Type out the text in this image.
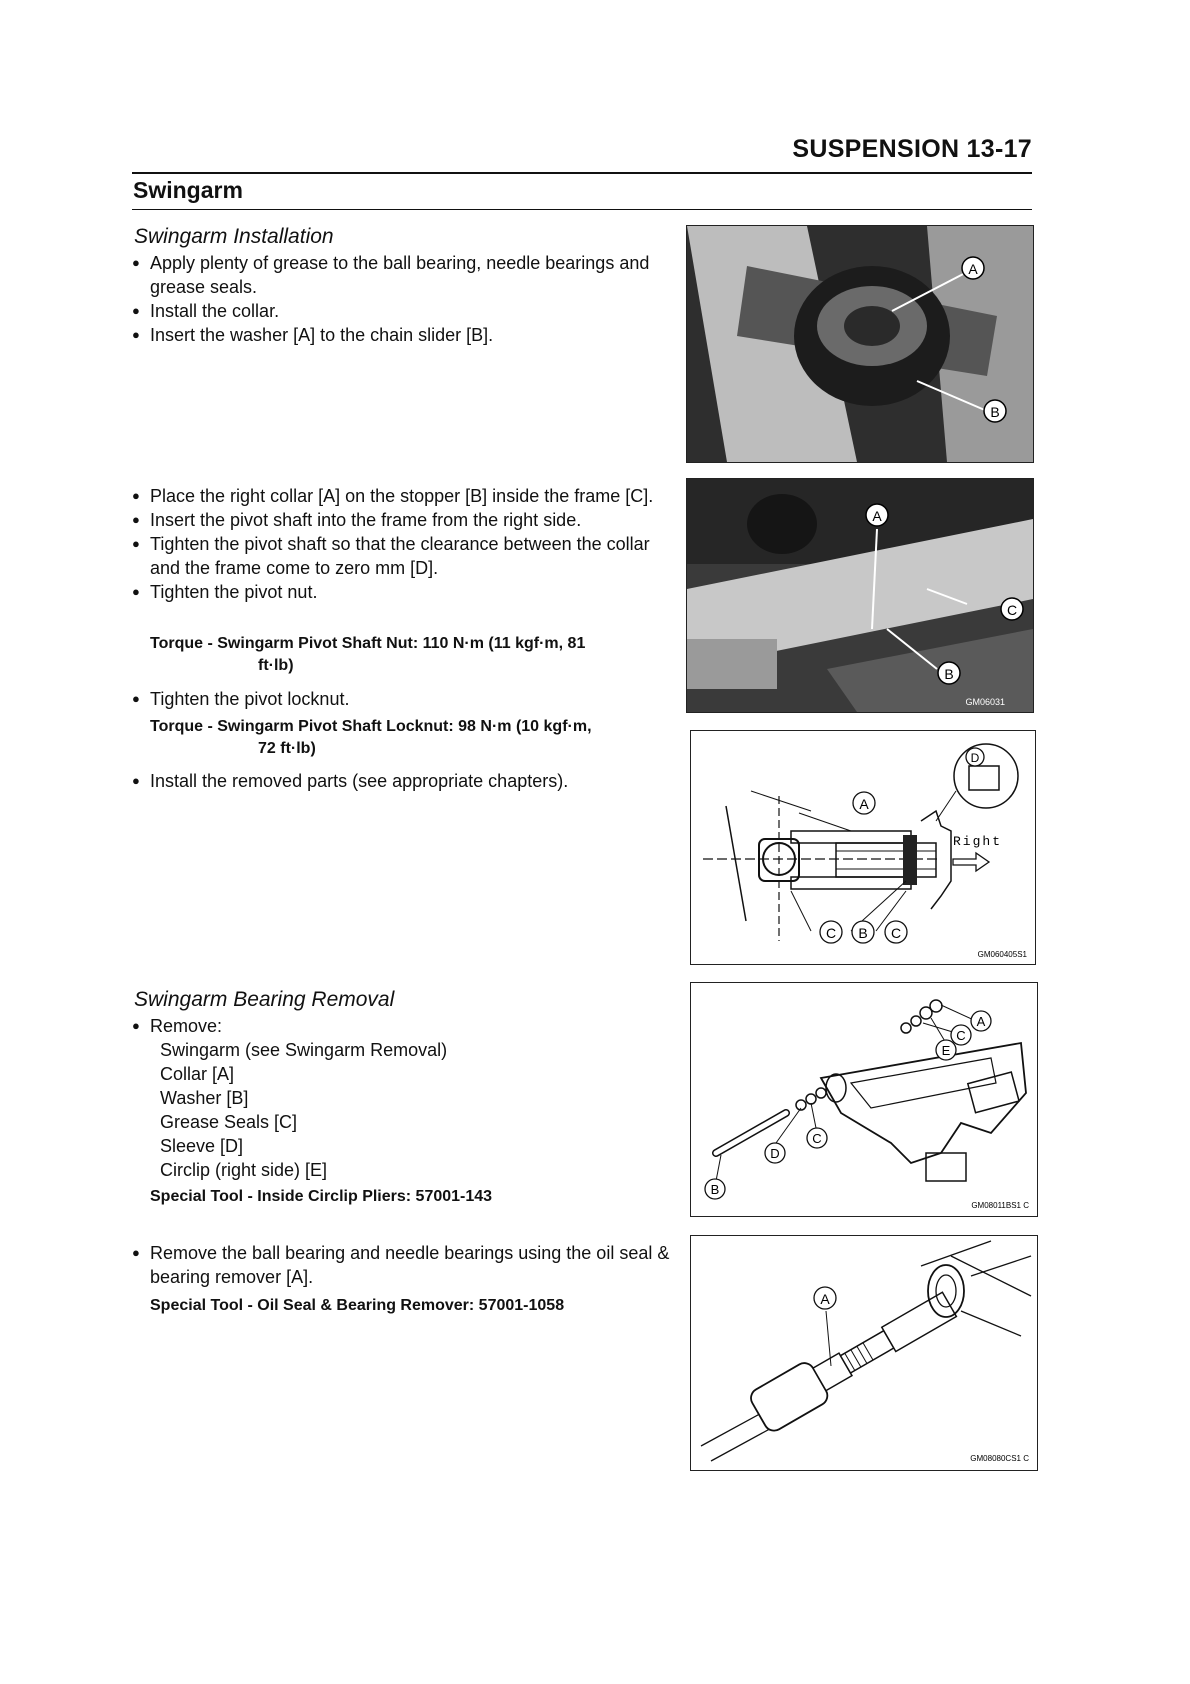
SUSPENSION 13-17
Swingarm
Swingarm Installation
● Apply plenty of grease to the ball bearing, needle bearings and grease seals.
● Install the collar.
● Insert the washer [A] to the chain slider [B].
● Place the right collar [A] on the stopper [B] inside the frame [C].
● Insert the pivot shaft into the frame from the right side.
● Tighten the pivot shaft so that the clearance between the collar and the frame come to zero mm [D].
● Tighten the pivot nut.
Torque - Swingarm Pivot Shaft Nut: 110 N·m (11 kgf·m, 81
ft·lb)
● Tighten the pivot locknut.
Torque - Swingarm Pivot Shaft Locknut: 98 N·m (10 kgf·m,
72 ft·lb)
● Install the removed parts (see appropriate chapters).
Swingarm Bearing Removal
● Remove:
Swingarm (see Swingarm Removal)
Collar [A]
Washer [B]
Grease Seals [C]
Sleeve [D]
Circlip (right side) [E]
Special Tool - Inside Circlip Pliers: 57001-143
● Remove the ball bearing and needle bearings using the oil seal & bearing remover [A].
Special Tool - Oil Seal & Bearing Remover: 57001-1058
A
B
A
C
B
GM06031
D
A
C B C
Right
GM060405S1
A
C
E
C
D
B
GM08011BS1 C
A
GM08080CS1 C
